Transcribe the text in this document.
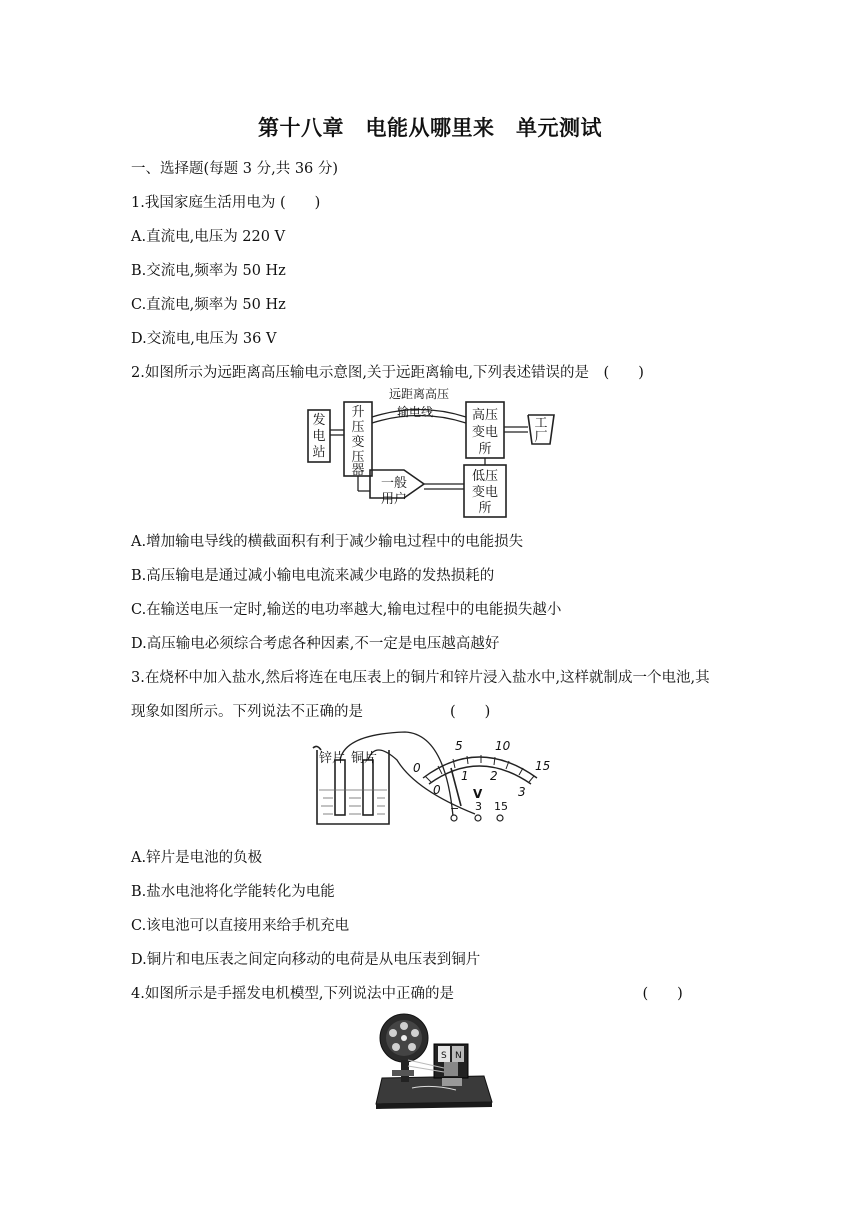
第十八章　电能从哪里来　单元测试
一、选择题(每题 3 分,共 36 分)
1.我国家庭生活用电为 (　　)
A.直流电,电压为 220 V
B.交流电,频率为 50 Hz
C.直流电,频率为 50 Hz
D.交流电,电压为 36 V
2.如图所示为远距离高压输电示意图,关于远距离输电,下列表述错误的是　(　　)
发
电
站
升
压
变
压
器
远距离高压
输电线	高压
变电
所
工
厂
一般
用户
低压
变电
所
A.增加输电导线的横截面积有利于减少输电过程中的电能损失
B.高压输电是通过减小输电电流来减少电路的发热损耗的
C.在输送电压一定时,输送的电功率越大,输电过程中的电能损失越小
D.高压输电必须综合考虑各种因素,不一定是电压越高越好
3.在烧杯中加入盐水,然后将连在电压表上的铜片和锌片浸入盐水中,这样就制成一个电池,其
现象如图所示。下列说法不正确的是　　　　　　(　　)
锌片 铜片
0
5	10
15
0
1 2
3
V
− 3 15
A.锌片是电池的负极
B.盐水电池将化学能转化为电能
C.该电池可以直接用来给手机充电
D.铜片和电压表之间定向移动的电荷是从电压表到铜片
4.如图所示是手摇发电机模型,下列说法中正确的是　　　　　　　　　　　　　(　　)
S N
